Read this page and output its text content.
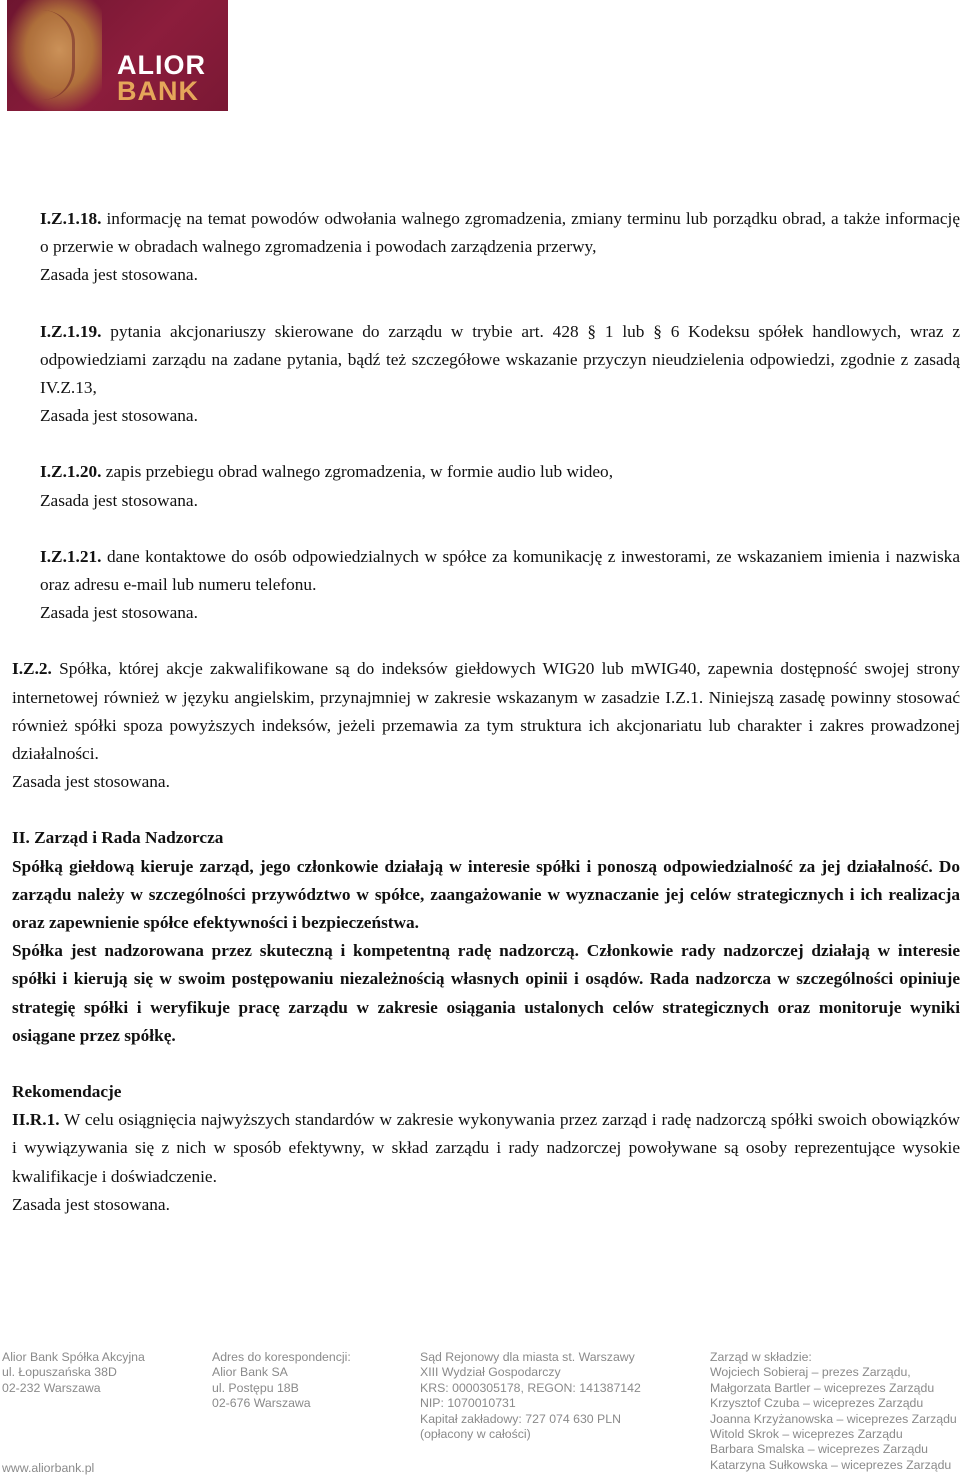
ALIOR
BANK

I.Z.1.18. informację na temat powodów odwołania walnego zgromadzenia, zmiany terminu lub porządku obrad, a także informację o przerwie w obradach walnego zgromadzenia i powodach zarządzenia przerwy,

Zasada jest stosowana.

I.Z.1.19. pytania akcjonariuszy skierowane do zarządu w trybie art. 428 § 1 lub § 6 Kodeksu spółek handlowych, wraz z odpowiedziami zarządu na zadane pytania, bądź też szczegółowe wskazanie przyczyn nieudzielenia odpowiedzi, zgodnie z zasadą IV.Z.13,

Zasada jest stosowana.

I.Z.1.20. zapis przebiegu obrad walnego zgromadzenia, w formie audio lub wideo,

Zasada jest stosowana.

I.Z.1.21. dane kontaktowe do osób odpowiedzialnych w spółce za komunikację z inwestorami, ze wskazaniem imienia i nazwiska oraz adresu e-mail lub numeru telefonu.

Zasada jest stosowana.

I.Z.2. Spółka, której akcje zakwalifikowane są do indeksów giełdowych WIG20 lub mWIG40, zapewnia dostępność swojej strony internetowej również w języku angielskim, przynajmniej w zakresie wskazanym w zasadzie I.Z.1. Niniejszą zasadę powinny stosować również spółki spoza powyższych indeksów, jeżeli przemawia za tym struktura ich akcjonariatu lub charakter i zakres prowadzonej działalności.

Zasada jest stosowana.

II. Zarząd i Rada Nadzorcza

Spółką giełdową kieruje zarząd, jego członkowie działają w interesie spółki i ponoszą odpowiedzialność za jej działalność. Do zarządu należy w szczególności przywództwo w spółce, zaangażowanie w wyznaczanie jej celów strategicznych i ich realizacja oraz zapewnienie spółce efektywności i bezpieczeństwa.

Spółka jest nadzorowana przez skuteczną i kompetentną radę nadzorczą. Członkowie rady nadzorczej działają w interesie spółki i kierują się w swoim postępowaniu niezależnością własnych opinii i osądów. Rada nadzorcza w szczególności opiniuje strategię spółki i weryfikuje pracę zarządu w zakresie osiągania ustalonych celów strategicznych oraz monitoruje wyniki osiągane przez spółkę.

Rekomendacje

II.R.1. W celu osiągnięcia najwyższych standardów w zakresie wykonywania przez zarząd i radę nadzorczą spółki swoich obowiązków i wywiązywania się z nich w sposób efektywny, w skład zarządu i rady nadzorczej powoływane są osoby reprezentujące wysokie kwalifikacje i doświadczenie.

Zasada jest stosowana.

Alior Bank Spółka Akcyjna
ul. Łopuszańska 38D
02-232 Warszawa
Adres do korespondencji:
Alior Bank SA
ul. Postępu 18B
02-676 Warszawa
Sąd Rejonowy dla miasta st. Warszawy
XIII Wydział Gospodarczy
KRS: 0000305178, REGON: 141387142
NIP: 1070010731
Kapitał zakładowy: 727 074 630 PLN
(opłacony w całości)
Zarząd w składzie:
Wojciech Sobieraj – prezes Zarządu,
Małgorzata Bartler – wiceprezes Zarządu
Krzysztof Czuba – wiceprezes Zarządu
Joanna Krzyżanowska – wiceprezes Zarządu
Witold Skrok – wiceprezes Zarządu
Barbara Smalska – wiceprezes Zarządu
Katarzyna Sułkowska – wiceprezes Zarządu
www.aliorbank.pl
